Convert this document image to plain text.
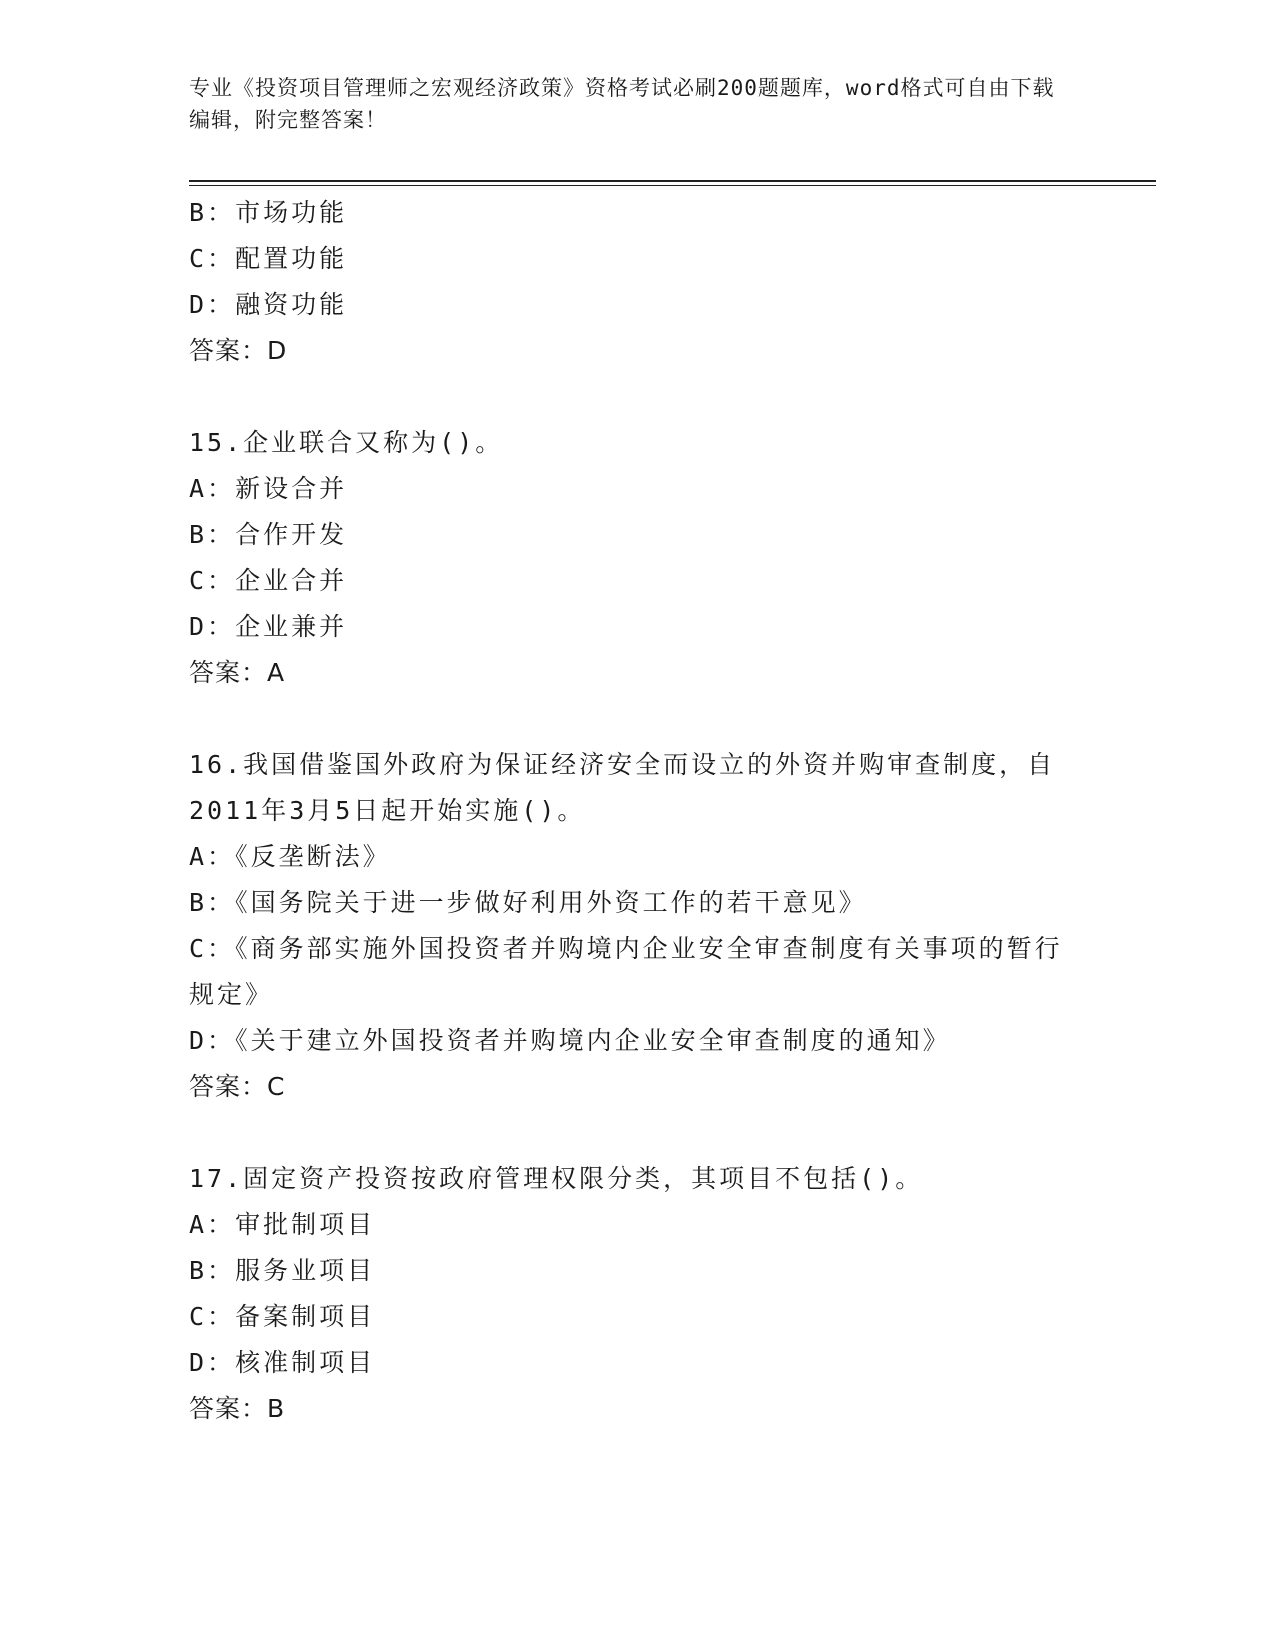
专业《投资项目管理师之宏观经济政策》资格考试必刷200题题库，word格式可自由下载编辑，附完整答案！
B：市场功能
C：配置功能
D：融资功能
答案：D
15.企业联合又称为()。
A：新设合并
B：合作开发
C：企业合并
D：企业兼并
答案：A
16.我国借鉴国外政府为保证经济安全而设立的外资并购审查制度，自2011年3月5日起开始实施()。
A：《反垄断法》
B：《国务院关于进一步做好利用外资工作的若干意见》
C：《商务部实施外国投资者并购境内企业安全审查制度有关事项的暂行规定》
D：《关于建立外国投资者并购境内企业安全审查制度的通知》
答案：C
17.固定资产投资按政府管理权限分类，其项目不包括()。
A：审批制项目
B：服务业项目
C：备案制项目
D：核准制项目
答案：B
